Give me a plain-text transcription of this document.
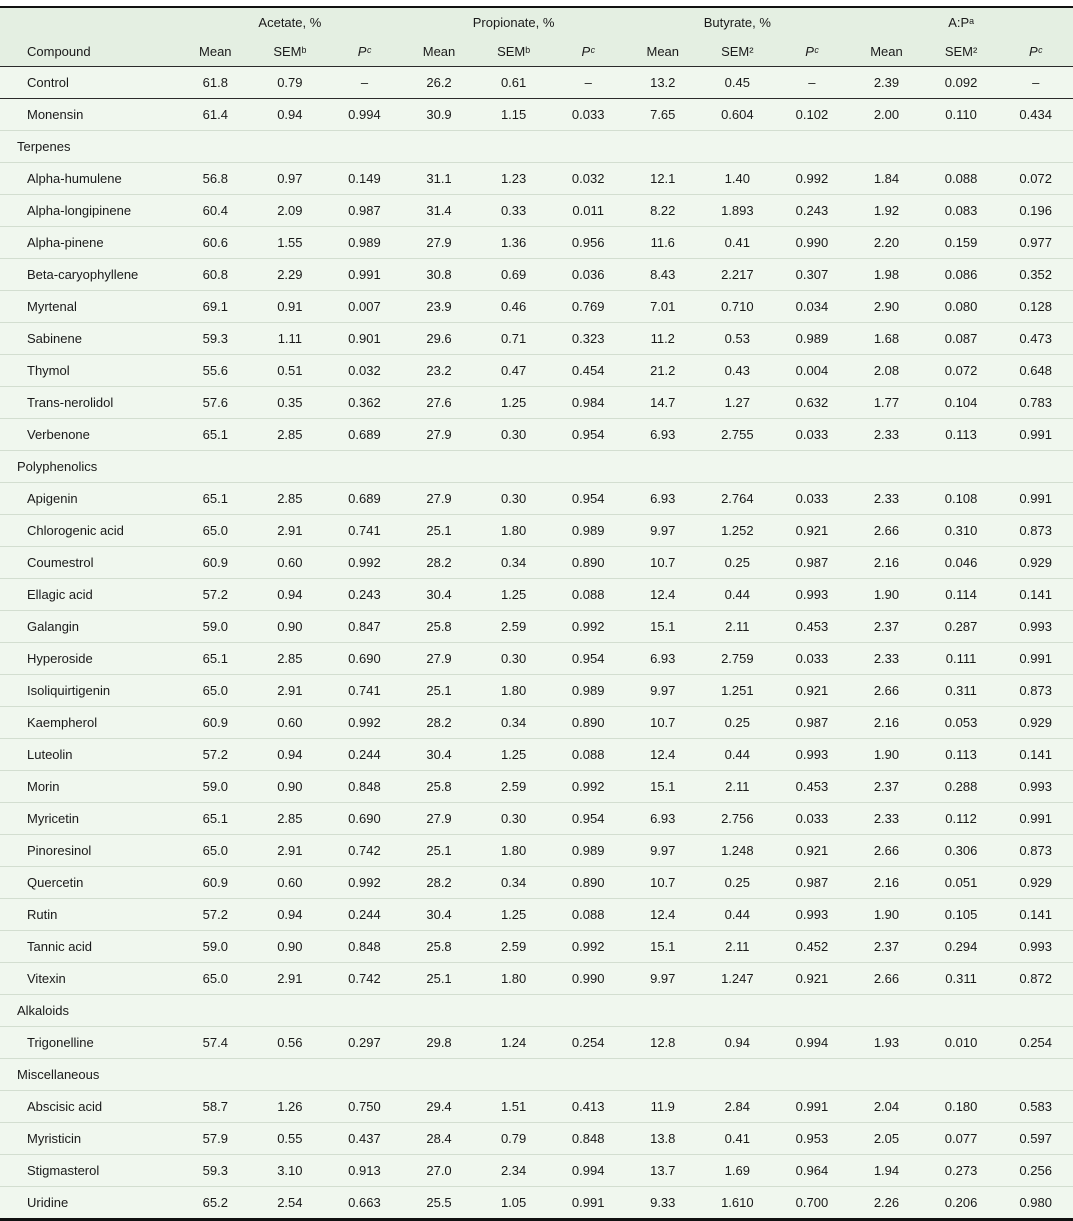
	Acetate, %			Propionate, %			Butyrate, %			A:Pᵃ		
Compound	Mean	SEMᵇ	Pᶜ	Mean	SEMᵇ	Pᶜ	Mean	SEM²	Pᶜ	Mean	SEM²	Pᶜ
Control	61.8	0.79	–	26.2	0.61	–	13.2	0.45	–	2.39	0.092	–
Monensin	61.4	0.94	0.994	30.9	1.15	0.033	7.65	0.604	0.102	2.00	0.110	0.434
Terpenes												
Alpha-humulene	56.8	0.97	0.149	31.1	1.23	0.032	12.1	1.40	0.992	1.84	0.088	0.072
Alpha-longipinene	60.4	2.09	0.987	31.4	0.33	0.011	8.22	1.893	0.243	1.92	0.083	0.196
Alpha-pinene	60.6	1.55	0.989	27.9	1.36	0.956	11.6	0.41	0.990	2.20	0.159	0.977
Beta-caryophyllene	60.8	2.29	0.991	30.8	0.69	0.036	8.43	2.217	0.307	1.98	0.086	0.352
Myrtenal	69.1	0.91	0.007	23.9	0.46	0.769	7.01	0.710	0.034	2.90	0.080	0.128
Sabinene	59.3	1.11	0.901	29.6	0.71	0.323	11.2	0.53	0.989	1.68	0.087	0.473
Thymol	55.6	0.51	0.032	23.2	0.47	0.454	21.2	0.43	0.004	2.08	0.072	0.648
Trans-nerolidol	57.6	0.35	0.362	27.6	1.25	0.984	14.7	1.27	0.632	1.77	0.104	0.783
Verbenone	65.1	2.85	0.689	27.9	0.30	0.954	6.93	2.755	0.033	2.33	0.113	0.991
Polyphenolics												
Apigenin	65.1	2.85	0.689	27.9	0.30	0.954	6.93	2.764	0.033	2.33	0.108	0.991
Chlorogenic acid	65.0	2.91	0.741	25.1	1.80	0.989	9.97	1.252	0.921	2.66	0.310	0.873
Coumestrol	60.9	0.60	0.992	28.2	0.34	0.890	10.7	0.25	0.987	2.16	0.046	0.929
Ellagic acid	57.2	0.94	0.243	30.4	1.25	0.088	12.4	0.44	0.993	1.90	0.114	0.141
Galangin	59.0	0.90	0.847	25.8	2.59	0.992	15.1	2.11	0.453	2.37	0.287	0.993
Hyperoside	65.1	2.85	0.690	27.9	0.30	0.954	6.93	2.759	0.033	2.33	0.111	0.991
Isoliquirtigenin	65.0	2.91	0.741	25.1	1.80	0.989	9.97	1.251	0.921	2.66	0.311	0.873
Kaempherol	60.9	0.60	0.992	28.2	0.34	0.890	10.7	0.25	0.987	2.16	0.053	0.929
Luteolin	57.2	0.94	0.244	30.4	1.25	0.088	12.4	0.44	0.993	1.90	0.113	0.141
Morin	59.0	0.90	0.848	25.8	2.59	0.992	15.1	2.11	0.453	2.37	0.288	0.993
Myricetin	65.1	2.85	0.690	27.9	0.30	0.954	6.93	2.756	0.033	2.33	0.112	0.991
Pinoresinol	65.0	2.91	0.742	25.1	1.80	0.989	9.97	1.248	0.921	2.66	0.306	0.873
Quercetin	60.9	0.60	0.992	28.2	0.34	0.890	10.7	0.25	0.987	2.16	0.051	0.929
Rutin	57.2	0.94	0.244	30.4	1.25	0.088	12.4	0.44	0.993	1.90	0.105	0.141
Tannic acid	59.0	0.90	0.848	25.8	2.59	0.992	15.1	2.11	0.452	2.37	0.294	0.993
Vitexin	65.0	2.91	0.742	25.1	1.80	0.990	9.97	1.247	0.921	2.66	0.311	0.872
Alkaloids												
Trigonelline	57.4	0.56	0.297	29.8	1.24	0.254	12.8	0.94	0.994	1.93	0.010	0.254
Miscellaneous												
Abscisic acid	58.7	1.26	0.750	29.4	1.51	0.413	11.9	2.84	0.991	2.04	0.180	0.583
Myristicin	57.9	0.55	0.437	28.4	0.79	0.848	13.8	0.41	0.953	2.05	0.077	0.597
Stigmasterol	59.3	3.10	0.913	27.0	2.34	0.994	13.7	1.69	0.964	1.94	0.273	0.256
Uridine	65.2	2.54	0.663	25.5	1.05	0.991	9.33	1.610	0.700	2.26	0.206	0.980
